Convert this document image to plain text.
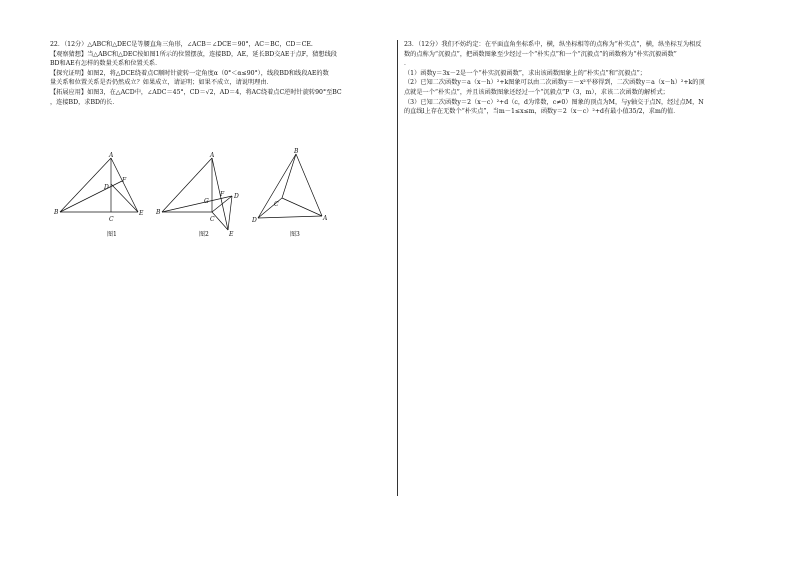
22．（12分）△ABC和△DEC是等腰直角三角形，∠ACB＝∠DCE＝90°，AC＝BC，CD＝CE.

【观察猜想】当△ABC和△DEC按如图1所示的位置摆放，连接BD，AE，延长BD交AE于点F，猜想线段

BD和AE有怎样的数量关系和位置关系．

【探究证明】如图2，将△DCE绕着点C顺时针旋转一定角度α（0°＜α≤90°），线段BD和线段AE的数

量关系和位置关系是否仍然成立？如果成立，请证明；如果不成立，请说明理由．

【拓展应用】如图3，在△ACD中，∠ADC＝45°，CD＝√2，AD＝4，将AC绕着点C逆时针旋转90°至BC

，连接BD，求BD的长．

A
B
C
D
E
F
图1
A
B
C
D
E
F
G
图2
B
A
C
D
图3

23．（12分）我们不妨约定：在平面直角坐标系中，横，纵坐标相等的点称为“朴实点”，横，纵坐标互为相反

数的点称为“沉毅点”，把函数图象至少经过一个“朴实点”和一个“沉毅点”的函数称为“朴实沉毅函数”

．

（1）函数y＝3x－2是一个“朴实沉毅函数”，求出该函数图象上的“朴实点”和“沉毅点”；

（2）已知二次函数y＝a（x－h）²+k图象可以由二次函数y＝－x²平移得到，二次函数y＝a（x－h）²+k的顶

点就是一个“朴实点”，并且该函数图象还经过一个“沉毅点”P（3，m），求该二次函数的解析式；

（3）已知二次函数y＝2（x－c）²+d（c，d为常数，c≠0）图象的顶点为M，与y轴交于点N，经过点M，N

的直线l上存在无数个“朴实点”，当m－1≤x≤m，函数y＝2（x－c）²+d有最小值35/2，求m的值．
